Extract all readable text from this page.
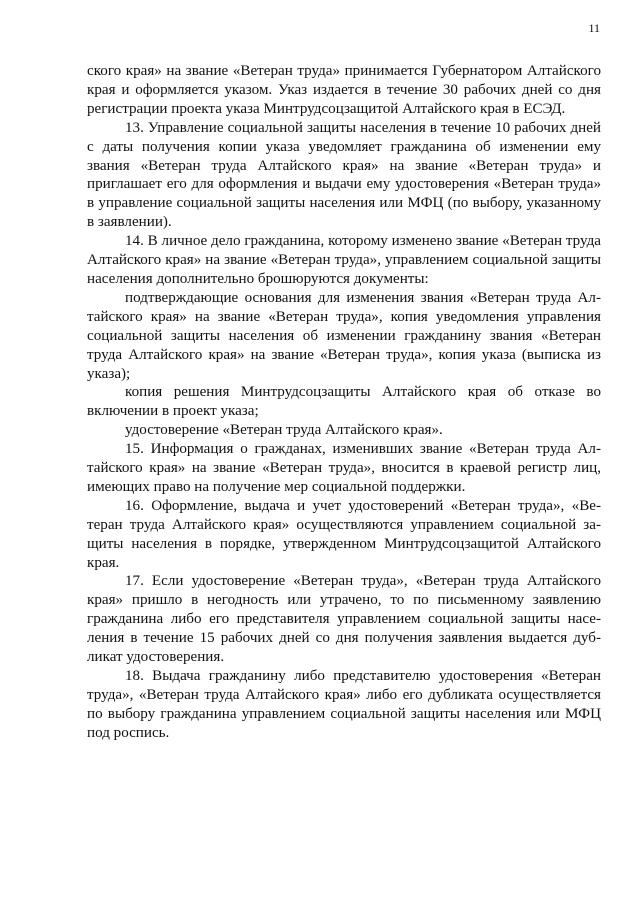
11

ского края» на звание «Ветеран труда» принимается Губернатором Алтайского края и оформляется указом. Указ издается в течение 30 рабочих дней со дня регистрации проекта указа Минтрудсоцзащитой Алтайского края в ЕСЭД.

13. Управление социальной защиты населения в течение 10 рабочих дней с даты получения копии указа уведомляет гражданина об изменении ему звания «Ветеран труда Алтайского края» на звание «Ветеран труда» и приглашает его для оформления и выдачи ему удостоверения «Ветеран труда» в управление социальной защиты населения или МФЦ (по выбору, указанному в заявлении).

14. В личное дело гражданина, которому изменено звание «Ветеран труда Алтайского края» на звание «Ветеран труда», управлением социальной защиты населения дополнительно брошюруются документы:

подтверждающие основания для изменения звания «Ветеран труда Алтайского края» на звание «Ветеран труда», копия уведомления управления социальной защиты населения об изменении гражданину звания «Ветеран труда Алтайского края» на звание «Ветеран труда», копия указа (выписка из указа);

копия решения Минтрудсоцзащиты Алтайского края об отказе во включении в проект указа;

удостоверение «Ветеран труда Алтайского края».

15. Информация о гражданах, изменивших звание «Ветеран труда Алтайского края» на звание «Ветеран труда», вносится в краевой регистр лиц, имеющих право на получение мер социальной поддержки.

16. Оформление, выдача и учет удостоверений «Ветеран труда», «Ветеран труда Алтайского края» осуществляются управлением социальной защиты населения в порядке, утвержденном Минтрудсоцзащитой Алтайского края.

17. Если удостоверение «Ветеран труда», «Ветеран труда Алтайского края» пришло в негодность или утрачено, то по письменному заявлению гражданина либо его представителя управлением социальной защиты населения в течение 15 рабочих дней со дня получения заявления выдается дубликат удостоверения.

18. Выдача гражданину либо представителю удостоверения «Ветеран труда», «Ветеран труда Алтайского края» либо его дубликата осуществляется по выбору гражданина управлением социальной защиты населения или МФЦ под роспись.
